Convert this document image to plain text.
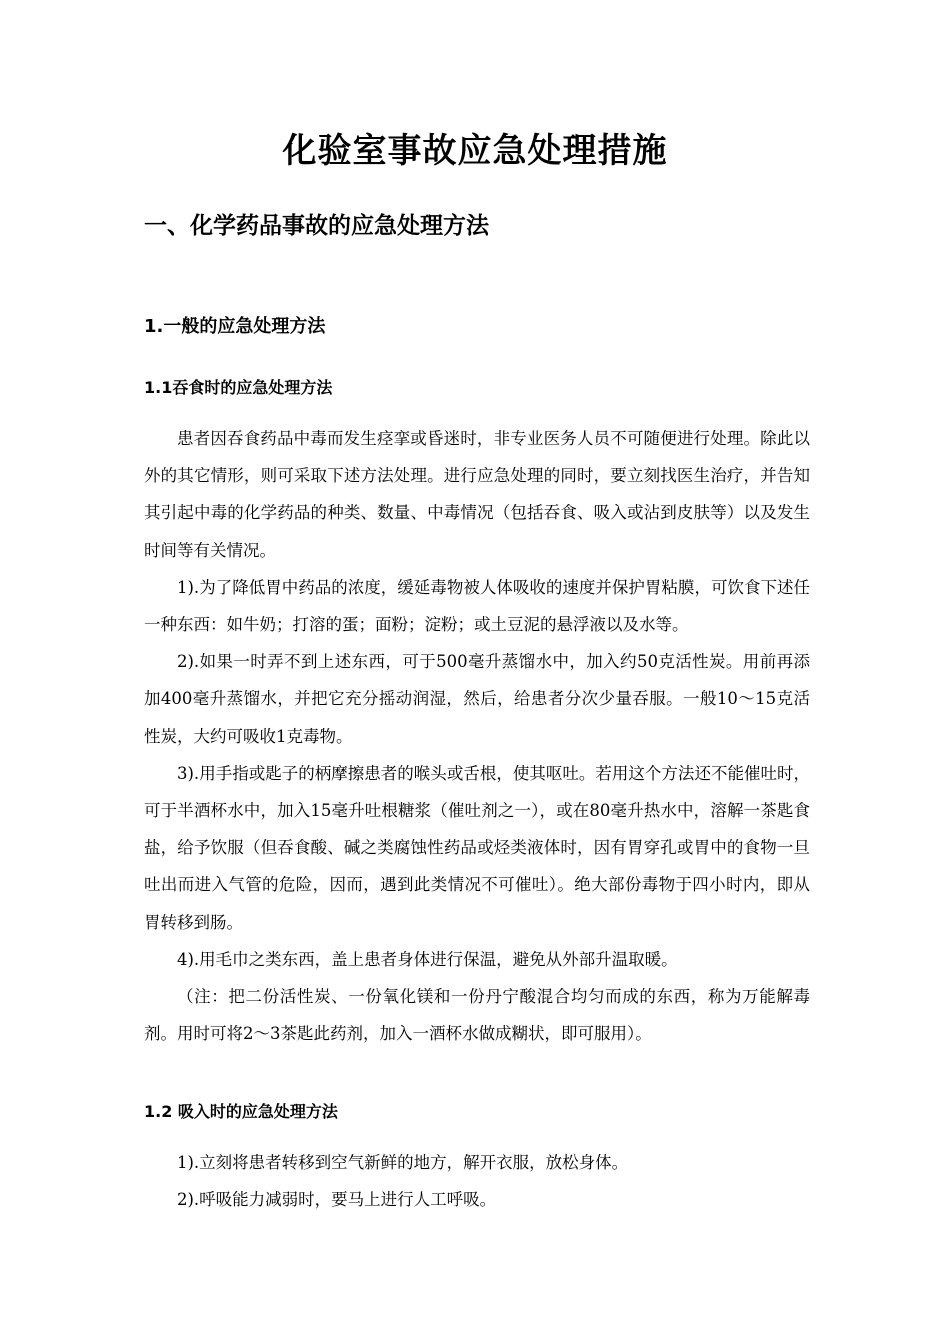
化验室事故应急处理措施
一、化学药品事故的应急处理方法
1.一般的应急处理方法
1.1吞食时的应急处理方法

患者因吞食药品中毒而发生痉挛或昏迷时，非专业医务人员不可随便进行处理。除此以外的其它情形，则可采取下述方法处理。进行应急处理的同时，要立刻找医生治疗，并告知其引起中毒的化学药品的种类、数量、中毒情况（包括吞食、吸入或沾到皮肤等）以及发生时间等有关情况。

1).为了降低胃中药品的浓度，缓延毒物被人体吸收的速度并保护胃粘膜，可饮食下述任一种东西：如牛奶；打溶的蛋；面粉；淀粉；或土豆泥的悬浮液以及水等。

2).如果一时弄不到上述东西，可于500毫升蒸馏水中，加入约50克活性炭。用前再添加400毫升蒸馏水，并把它充分摇动润湿，然后，给患者分次少量吞服。一般10～15克活性炭，大约可吸收1克毒物。

3).用手指或匙子的柄摩擦患者的喉头或舌根，使其呕吐。若用这个方法还不能催吐时，可于半酒杯水中，加入15毫升吐根糖浆（催吐剂之一），或在80毫升热水中，溶解一茶匙食盐，给予饮服（但吞食酸、碱之类腐蚀性药品或烃类液体时，因有胃穿孔或胃中的食物一旦吐出而进入气管的危险，因而，遇到此类情况不可催吐）。绝大部份毒物于四小时内，即从胃转移到肠。

4).用毛巾之类东西，盖上患者身体进行保温，避免从外部升温取暖。

（注：把二份活性炭、一份氧化镁和一份丹宁酸混合均匀而成的东西，称为万能解毒剂。用时可将2～3茶匙此药剂，加入一酒杯水做成糊状，即可服用）。

1.2 吸入时的应急处理方法

1).立刻将患者转移到空气新鲜的地方，解开衣服，放松身体。

2).呼吸能力减弱时，要马上进行人工呼吸。
